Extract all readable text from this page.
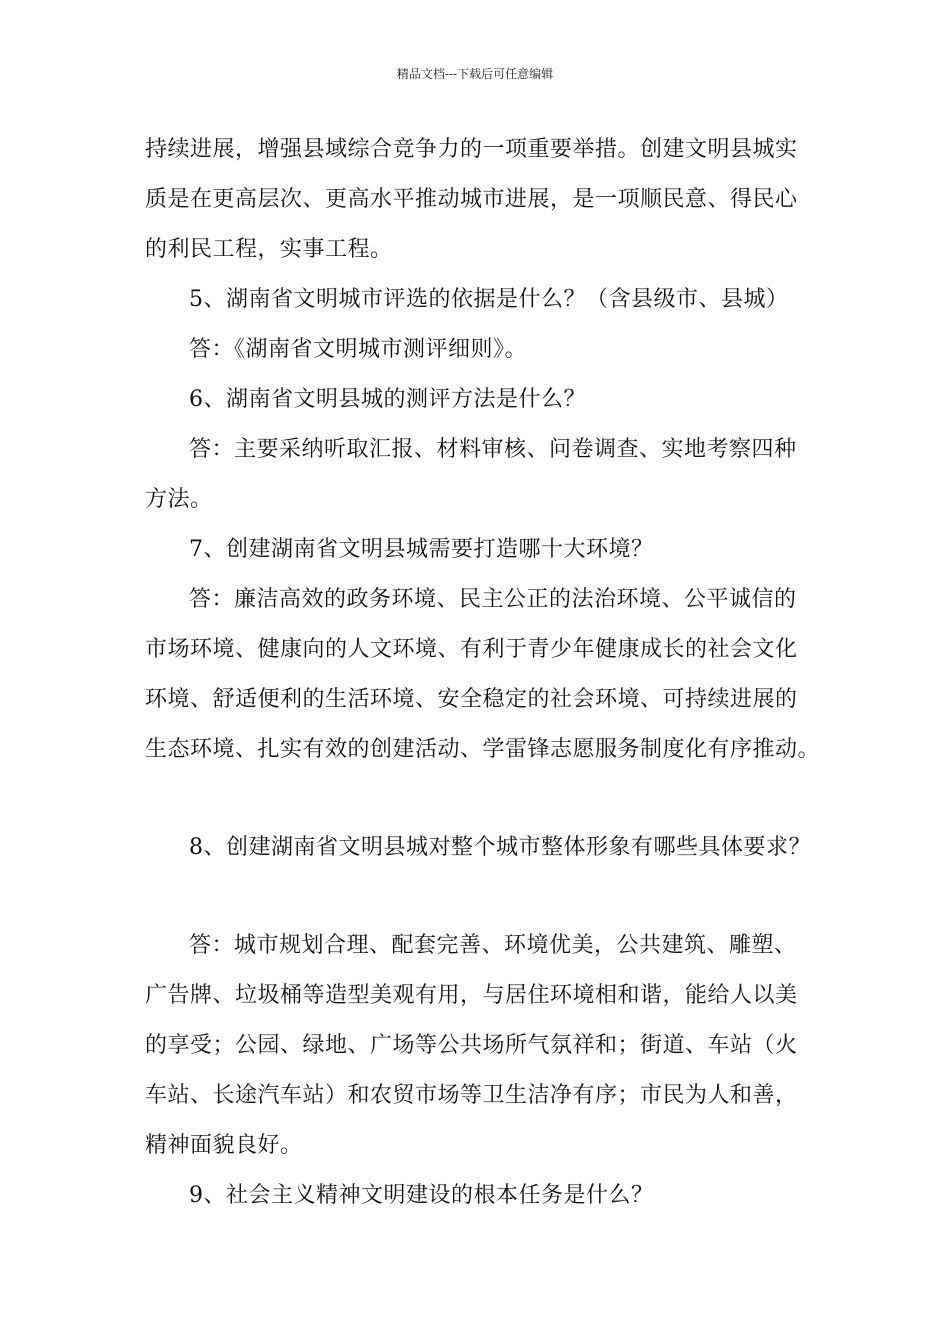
精品文档---下载后可任意编辑
持续进展，增强县域综合竞争力的一项重要举措。创建文明县城实
质是在更高层次、更高水平推动城市进展，是一项顺民意、得民心
的利民工程，实事工程。
5、湖南省文明城市评选的依据是什么？（含县级市、县城）
答：《湖南省文明城市测评细则》。
6、湖南省文明县城的测评方法是什么？
答：主要采纳听取汇报、材料审核、问卷调查、实地考察四种
方法。
7、创建湖南省文明县城需要打造哪十大环境？
答：廉洁高效的政务环境、民主公正的法治环境、公平诚信的
市场环境、健康向的人文环境、有利于青少年健康成长的社会文化
环境、舒适便利的生活环境、安全稳定的社会环境、可持续进展的
生态环境、扎实有效的创建活动、学雷锋志愿服务制度化有序推动。
8、创建湖南省文明县城对整个城市整体形象有哪些具体要求？
答：城市规划合理、配套完善、环境优美，公共建筑、雕塑、
广告牌、垃圾桶等造型美观有用，与居住环境相和谐，能给人以美
的享受；公园、绿地、广场等公共场所气氛祥和；街道、车站（火
车站、长途汽车站）和农贸市场等卫生洁净有序；市民为人和善，
精神面貌良好。
9、社会主义精神文明建设的根本任务是什么？
